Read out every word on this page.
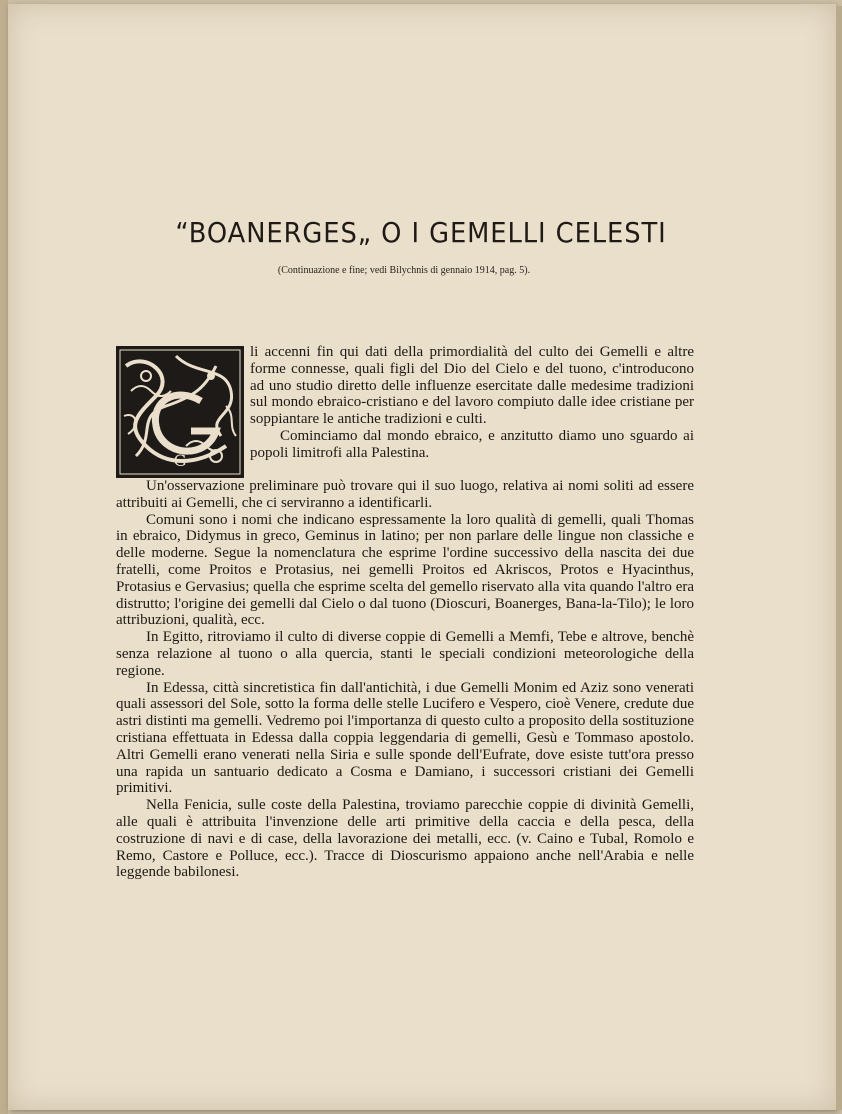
“BOANERGES„ O I GEMELLI CELESTI
(Continuazione e fine; vedi Bilychnis di gennaio 1914, pag. 5).
G

li accenni fin qui dati della primordialità del culto dei Gemelli e altre forme connesse, quali figli del Dio del Cielo e del tuono, c'introducono ad uno studio diretto delle influenze esercitate dalle medesime tradizioni sul mondo ebraico-cristiano e del lavoro compiuto dalle idee cristiane per soppiantare le antiche tradizioni e culti.

Cominciamo dal mondo ebraico, e anzitutto diamo uno sguardo ai popoli limitrofi alla Palestina.

Un'osservazione preliminare può trovare qui il suo luogo, relativa ai nomi soliti ad essere attribuiti ai Gemelli, che ci serviranno a identificarli.

Comuni sono i nomi che indicano espressamente la loro qualità di gemelli, quali Thomas in ebraico, Didymus in greco, Geminus in latino; per non parlare delle lingue non classiche e delle moderne. Segue la nomenclatura che esprime l'ordine successivo della nascita dei due fratelli, come Proitos e Protasius, nei gemelli Proitos ed Akriscos, Protos e Hyacinthus, Protasius e Gervasius; quella che esprime scelta del gemello riservato alla vita quando l'altro era distrutto; l'origine dei gemelli dal Cielo o dal tuono (Dioscuri, Boanerges, Bana-la-Tilo); le loro attribuzioni, qualità, ecc.

In Egitto, ritroviamo il culto di diverse coppie di Gemelli a Memfi, Tebe e altrove, benchè senza relazione al tuono o alla quercia, stanti le speciali condizioni meteorologiche della regione.

In Edessa, città sincretistica fin dall'antichità, i due Gemelli Monim ed Aziz sono venerati quali assessori del Sole, sotto la forma delle stelle Lucifero e Vespero, cioè Venere, credute due astri distinti ma gemelli. Vedremo poi l'importanza di questo culto a proposito della sostituzione cristiana effettuata in Edessa dalla coppia leggendaria di gemelli, Gesù e Tommaso apostolo. Altri Gemelli erano venerati nella Siria e sulle sponde dell'Eufrate, dove esiste tutt'ora presso una rapida un santuario dedicato a Cosma e Damiano, i successori cristiani dei Gemelli primitivi.

Nella Fenicia, sulle coste della Palestina, troviamo parecchie coppie di divinità Gemelli, alle quali è attribuita l'invenzione delle arti primitive della caccia e della pesca, della costruzione di navi e di case, della lavorazione dei metalli, ecc. (v. Caino e Tubal, Romolo e Remo, Castore e Polluce, ecc.). Tracce di Dioscurismo appaiono anche nell'Arabia e nelle leggende babilonesi.
